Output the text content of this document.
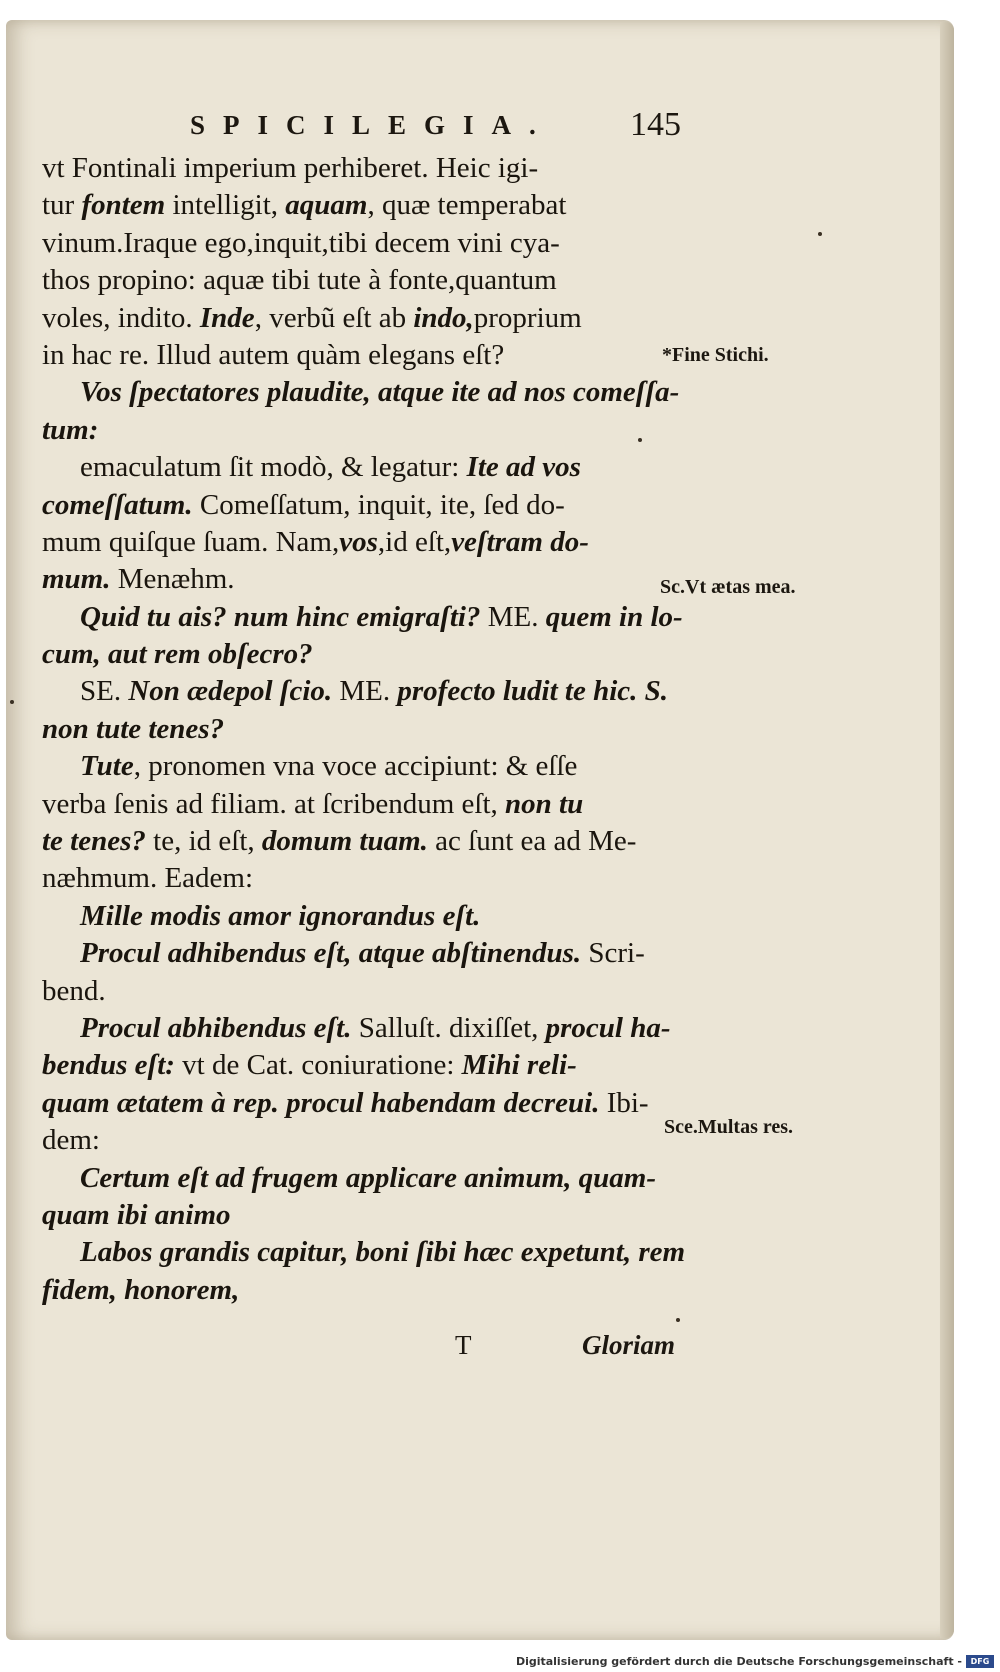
SPICILEGIA. 145
vt Fontinali imperium perhiberet. Heic igi-
tur fontem intelligit, aquam, quæ temperabat
vinum.Iraque ego,inquit,tibi decem vini cya-
thos propino: aquæ tibi tute à fonte,quantum
voles, indito. Inde, verbũ eſt ab indo,proprium
in hac re. Illud autem quàm elegans eſt?
Vos ſpectatores plaudite, atque ite ad nos comeſſa-
tum:
emaculatum ſit modò, & legatur: Ite ad vos
comeſſatum. Comeſſatum, inquit, ite, ſed do-
mum quiſque ſuam. Nam,vos,id eſt,veſtram do-
mum. Menæhm.
Quid tu ais? num hinc emigraſti? ME. quem in lo-
cum, aut rem obſecro?
SE. Non ædepol ſcio. ME. profecto ludit te hic. S.
non tute tenes?
Tute, pronomen vna voce accipiunt: & eſſe
verba ſenis ad filiam. at ſcribendum eſt, non tu
te tenes? te, id eſt, domum tuam. ac ſunt ea ad Me-
næhmum. Eadem:
Mille modis amor ignorandus eſt.
Procul adhibendus eſt, atque abſtinendus. Scri-
bend.
Procul abhibendus eſt. Salluſt. dixiſſet, procul ha-
bendus eſt: vt de Cat. coniuratione: Mihi reli-
quam ætatem à rep. procul habendam decreui. Ibi-
dem:
Certum eſt ad frugem applicare animum, quam-
quam ibi animo
Labos grandis capitur, boni ſibi hæc expetunt, rem
fidem, honorem,
*Fine Stichi.
Sc.Vt ætas mea.
Sce.Multas res.
T	Gloriam
Digitalisierung gefördert durch die Deutsche Forschungsgemeinschaft -	DFG
